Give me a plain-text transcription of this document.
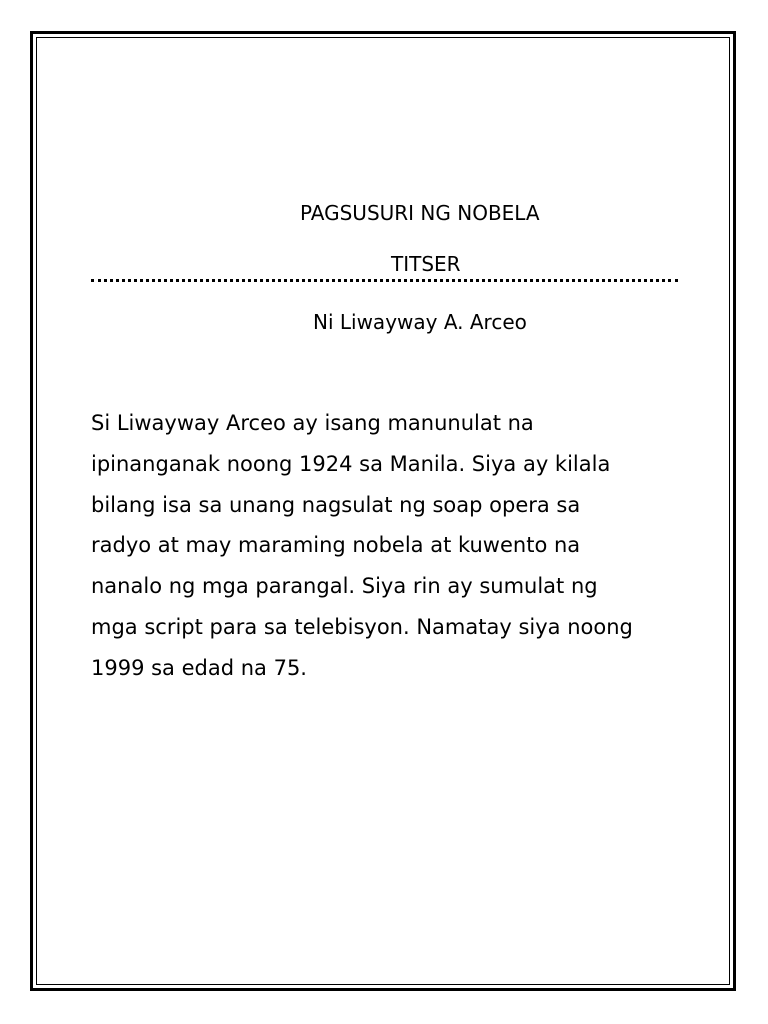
PAGSUSURI NG NOBELA
TITSER
Ni Liwayway A. Arceo

Si Liwayway Arceo ay isang manunulat na
ipinanganak noong 1924 sa Manila. Siya ay kilala
bilang isa sa unang nagsulat ng soap opera sa
radyo at may maraming nobela at kuwento na
nanalo ng mga parangal. Siya rin ay sumulat ng
mga script para sa telebisyon. Namatay siya noong
1999 sa edad na 75.
